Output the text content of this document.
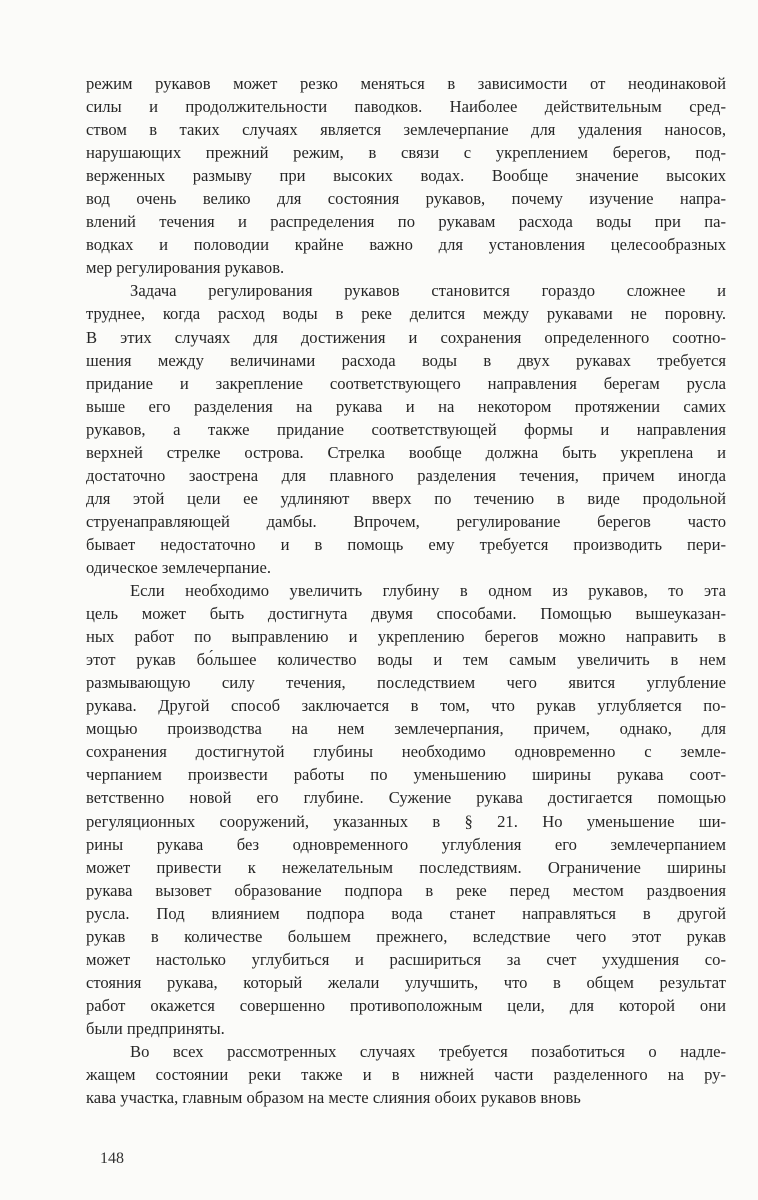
режим рукавов может резко меняться в зависимости от неодинаковой
силы и продолжительности паводков. Наиболее действительным сред-
ством в таких случаях является землечерпание для удаления наносов,
нарушающих прежний режим, в связи с укреплением берегов, под-
верженных размыву при высоких водах. Вообще значение высоких
вод очень велико для состояния рукавов, почему изучение напра-
влений течения и распределения по рукавам расхода воды при па-
водках и половодии крайне важно для установления целесообразных
мер регулирования рукавов.
Задача регулирования рукавов становится гораздо сложнее и
труднее, когда расход воды в реке делится между рукавами не поровну.
В этих случаях для достижения и сохранения определенного соотно-
шения между величинами расхода воды в двух рукавах требуется
придание и закрепление соответствующего направления берегам русла
выше его разделения на рукава и на некотором протяжении самих
рукавов, а также придание соответствующей формы и направления
верхней стрелке острова. Стрелка вообще должна быть укреплена и
достаточно заострена для плавного разделения течения, причем иногда
для этой цели ее удлиняют вверх по течению в виде продольной
струенаправляющей дамбы. Впрочем, регулирование берегов часто
бывает недостаточно и в помощь ему требуется производить пери-
одическое землечерпание.
Если необходимо увеличить глубину в одном из рукавов, то эта
цель может быть достигнута двумя способами. Помощью вышеуказан-
ных работ по выправлению и укреплению берегов можно направить в
этот рукав бо́льшее количество воды и тем самым увеличить в нем
размывающую силу течения, последствием чего явится углубление
рукава. Другой способ заключается в том, что рукав углубляется по-
мощью производства на нем землечерпания, причем, однако, для
сохранения достигнутой глубины необходимо одновременно с земле-
черпанием произвести работы по уменьшению ширины рукава соот-
ветственно новой его глубине. Сужение рукава достигается помощью
регуляционных сооружений, указанных в § 21. Но уменьшение ши-
рины рукава без одновременного углубления его землечерпанием
может привести к нежелательным последствиям. Ограничение ширины
рукава вызовет образование подпора в реке перед местом раздвоения
русла. Под влиянием подпора вода станет направляться в другой
рукав в количестве большем прежнего, вследствие чего этот рукав
может настолько углубиться и расшириться за счет ухудшения со-
стояния рукава, который желали улучшить, что в общем результат
работ окажется совершенно противоположным цели, для которой они
были предприняты.
Во всех рассмотренных случаях требуется позаботиться о надле-
жащем состоянии реки также и в нижней части разделенного на ру-
кава участка, главным образом на месте слияния обоих рукавов вновь
148
